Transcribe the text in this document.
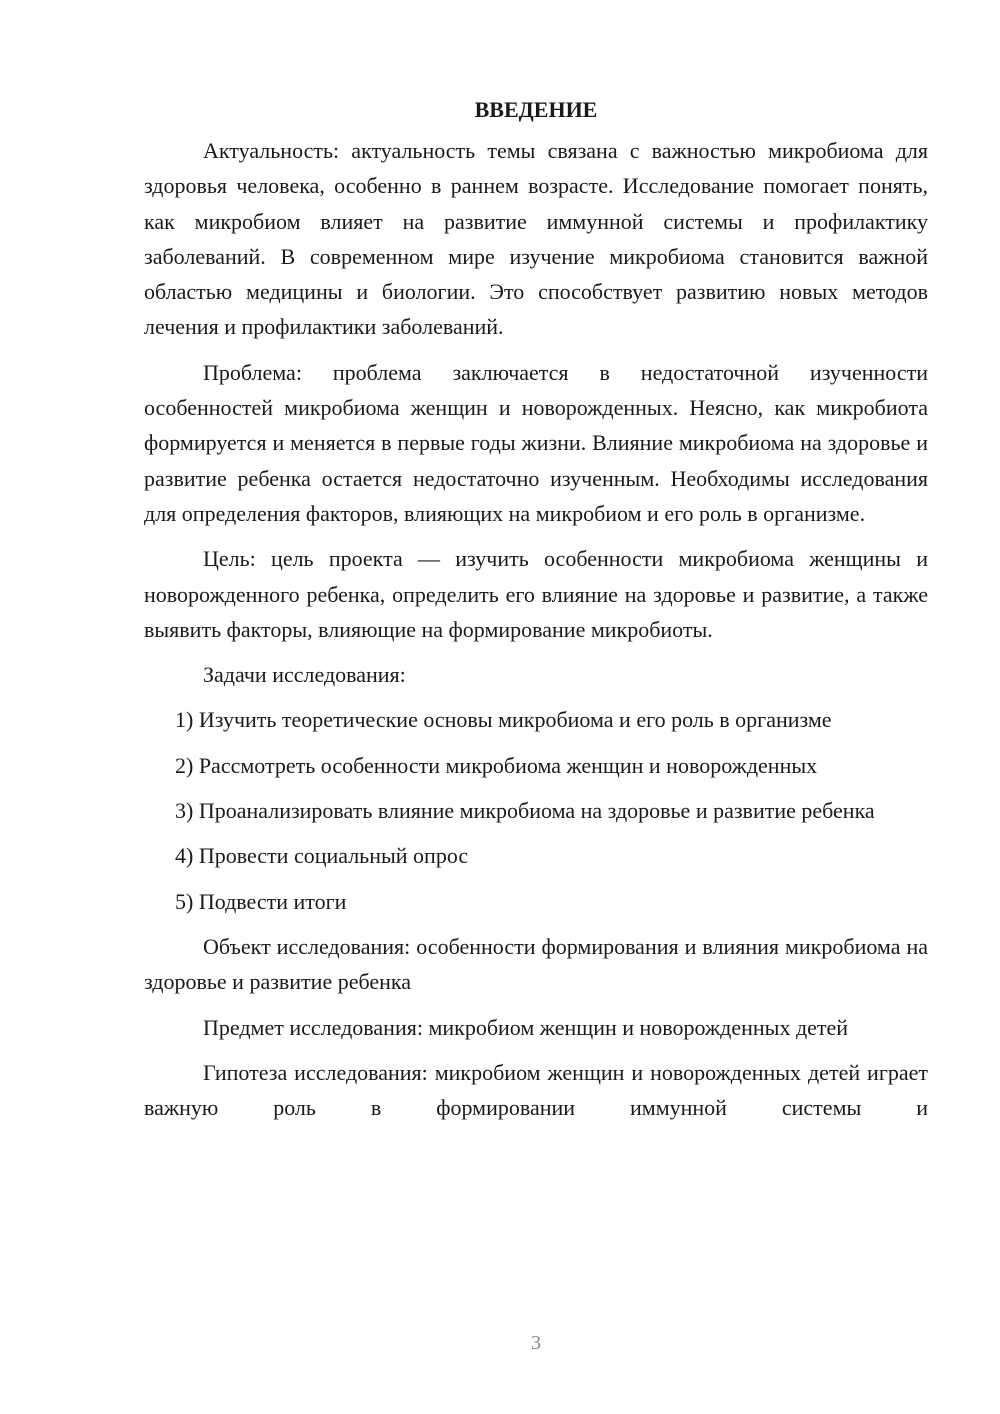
ВВЕДЕНИЕ

Актуальность: актуальность темы связана с важностью микробиома для здоровья человека, особенно в раннем возрасте. Исследование помогает понять, как микробиом влияет на развитие иммунной системы и профилактику заболеваний. В современном мире изучение микробиома становится важной областью медицины и биологии. Это способствует развитию новых методов лечения и профилактики заболеваний.

Проблема: проблема заключается в недостаточной изученности особенностей микробиома женщин и новорожденных. Неясно, как микробиота формируется и меняется в первые годы жизни. Влияние микробиома на здоровье и развитие ребенка остается недостаточно изученным. Необходимы исследования для определения факторов, влияющих на микробиом и его роль в организме.

Цель: цель проекта — изучить особенности микробиома женщины и новорожденного ребенка, определить его влияние на здоровье и развитие, а также выявить факторы, влияющие на формирование микробиоты.

Задачи исследования:

1) Изучить теоретические основы микробиома и его роль в организме

2) Рассмотреть особенности микробиома женщин и новорожденных

3) Проанализировать влияние микробиома на здоровье и развитие ребенка

4) Провести социальный опрос

5) Подвести итоги

Объект исследования: особенности формирования и влияния микробиома на здоровье и развитие ребенка

Предмет исследования: микробиом женщин и новорожденных детей

Гипотеза исследования: микробиом женщин и новорожденных детей играет важную роль в формировании иммунной системы и

3
